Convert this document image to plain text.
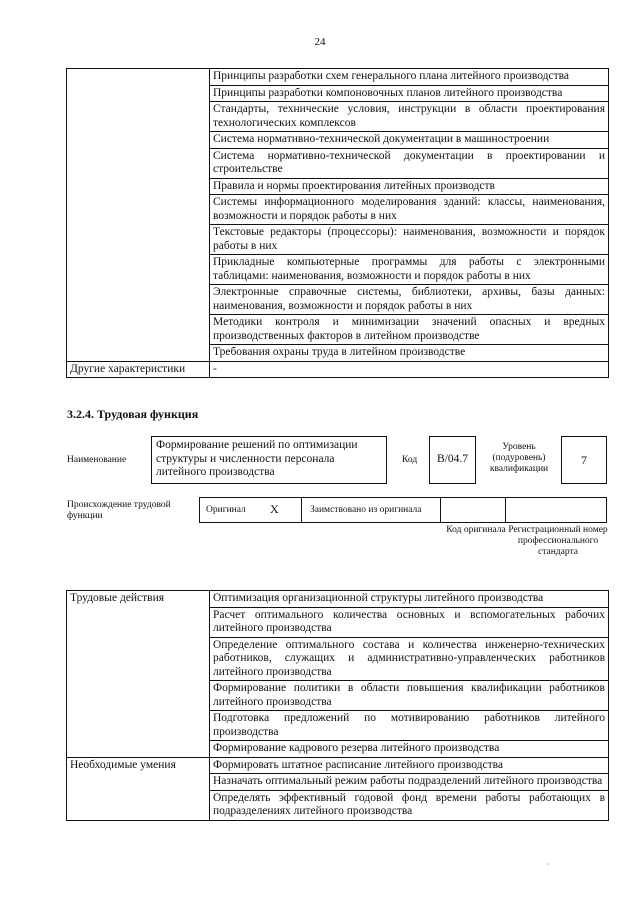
24
	Принципы разработки схем генерального плана литейного производства
	Принципы разработки компоновочных планов литейного производства
	Стандарты, технические условия, инструкции в области проектирования технологических комплексов
	Система нормативно-технической документации в машиностроении
	Система нормативно-технической документации в проектировании и строительстве
	Правила и нормы проектирования литейных производств
	Системы информационного моделирования зданий: классы, наименования, возможности и порядок работы в них
	Текстовые редакторы (процессоры): наименования, возможности и порядок работы в них
	Прикладные компьютерные программы для работы с электронными таблицами: наименования, возможности и порядок работы в них
	Электронные справочные системы, библиотеки, архивы, базы данных: наименования, возможности и порядок работы в них
	Методики контроля и минимизации значений опасных и вредных производственных факторов в литейном производстве
	Требования охраны труда в литейном производстве
Другие характеристики	-
3.2.4. Трудовая функция
Наименование
Формирование решений по оптимизации структуры и численности персонала литейного производства
Код	B/04.7
Уровень (подуровень) квалификации
7
Происхождение трудовой функции
Оригинал X	Заимствовано из оригинала
Код оригинала Регистрационный номер профессионального стандарта
Трудовые действия	Оптимизация организационной структуры литейного производства
	Расчет оптимального количества основных и вспомогательных рабочих литейного производства
	Определение оптимального состава и количества инженерно-технических работников, служащих и административно-управленческих работников литейного производства
	Формирование политики в области повышения квалификации работников литейного производства
	Подготовка предложений по мотивированию работников литейного производства
	Формирование кадрового резерва литейного производства
Необходимые умения	Формировать штатное расписание литейного производства
	Назначать оптимальный режим работы подразделений литейного производства
	Определять эффективный годовой фонд времени работы работающих в подразделениях литейного производства
·
